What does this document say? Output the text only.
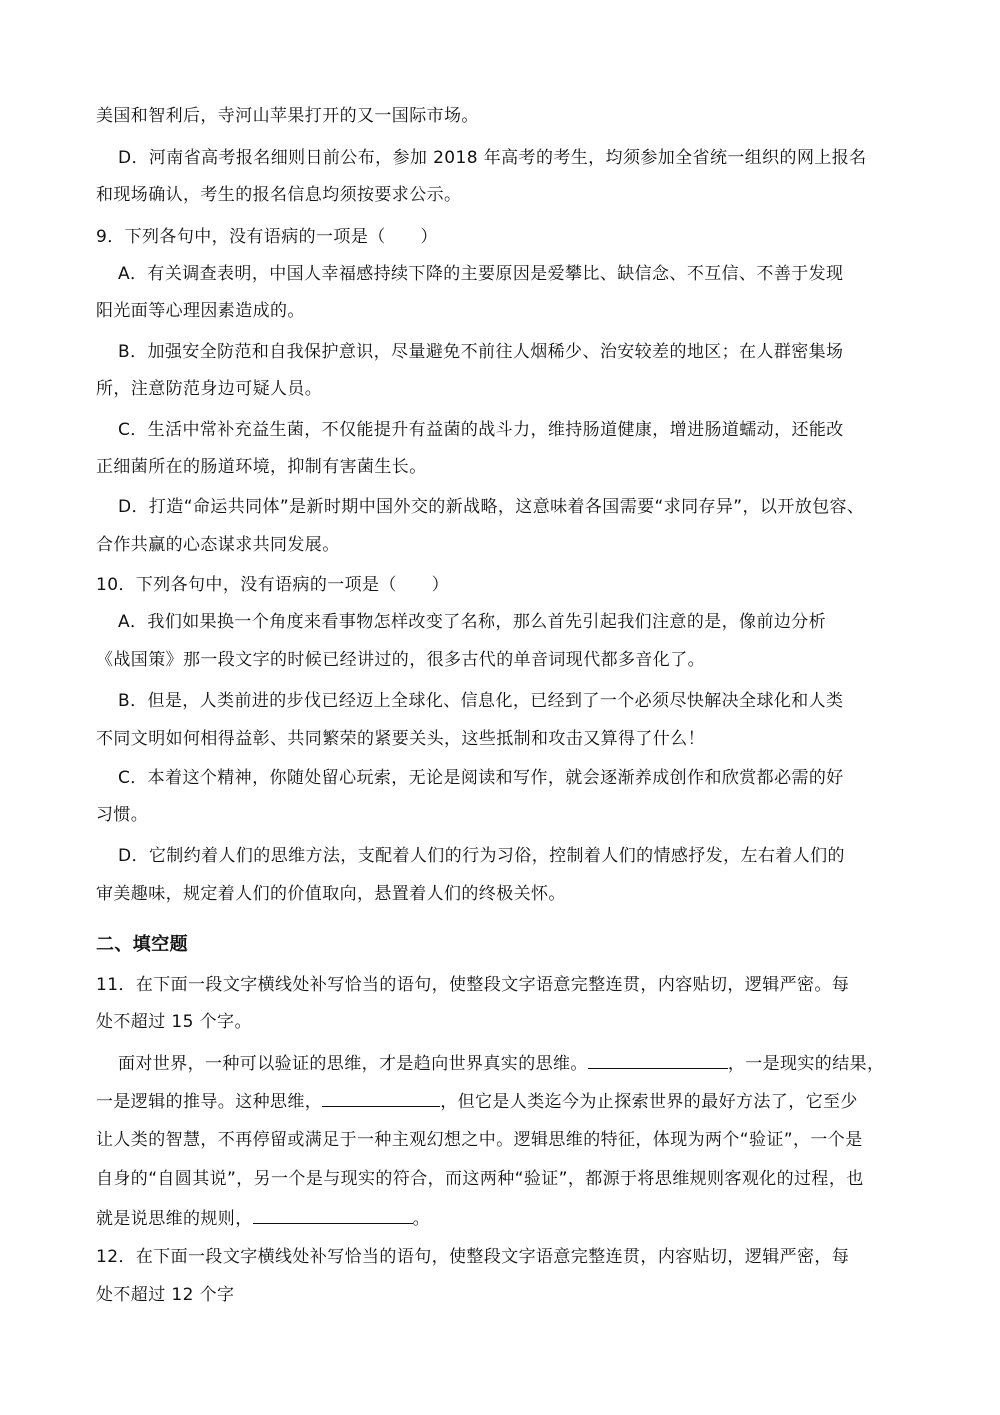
美国和智利后，寺河山苹果打开的又一国际市场。
D．河南省高考报名细则日前公布，参加 2018 年高考的考生，均须参加全省统一组织的网上报名
和现场确认，考生的报名信息均须按要求公示。
9．下列各句中，没有语病的一项是（　　）
A．有关调查表明，中国人幸福感持续下降的主要原因是爱攀比、缺信念、不互信、不善于发现
阳光面等心理因素造成的。
B．加强安全防范和自我保护意识，尽量避免不前往人烟稀少、治安较差的地区；在人群密集场
所，注意防范身边可疑人员。
C．生活中常补充益生菌，不仅能提升有益菌的战斗力，维持肠道健康，增进肠道蠕动，还能改
正细菌所在的肠道环境，抑制有害菌生长。
D．打造“命运共同体”是新时期中国外交的新战略，这意味着各国需要“求同存异”，以开放包容、
合作共赢的心态谋求共同发展。
10．下列各句中，没有语病的一项是（　　）
A．我们如果换一个角度来看事物怎样改变了名称，那么首先引起我们注意的是，像前边分析
《战国策》那一段文字的时候已经讲过的，很多古代的单音词现代都多音化了。
B．但是，人类前进的步伐已经迈上全球化、信息化，已经到了一个必须尽快解决全球化和人类
不同文明如何相得益彰、共同繁荣的紧要关头，这些抵制和攻击又算得了什么！
C．本着这个精神，你随处留心玩索，无论是阅读和写作，就会逐渐养成创作和欣赏都必需的好
习惯。
D．它制约着人们的思维方法，支配着人们的行为习俗，控制着人们的情感抒发，左右着人们的
审美趣味，规定着人们的价值取向，悬置着人们的终极关怀。
二、填空题
11．在下面一段文字横线处补写恰当的语句，使整段文字语意完整连贯，内容贴切，逻辑严密。每
处不超过 15 个字。
面对世界，一种可以验证的思维，才是趋向世界真实的思维。	，一是现实的结果，
一是逻辑的推导。这种思维，	，但它是人类迄今为止探索世界的最好方法了，它至少
让人类的智慧，不再停留或满足于一种主观幻想之中。逻辑思维的特征，体现为两个“验证”，一个是
自身的“自圆其说”，另一个是与现实的符合，而这两种“验证”，都源于将思维规则客观化的过程，也
就是说思维的规则，	。
12．在下面一段文字横线处补写恰当的语句，使整段文字语意完整连贯，内容贴切，逻辑严密，每
处不超过 12 个字
